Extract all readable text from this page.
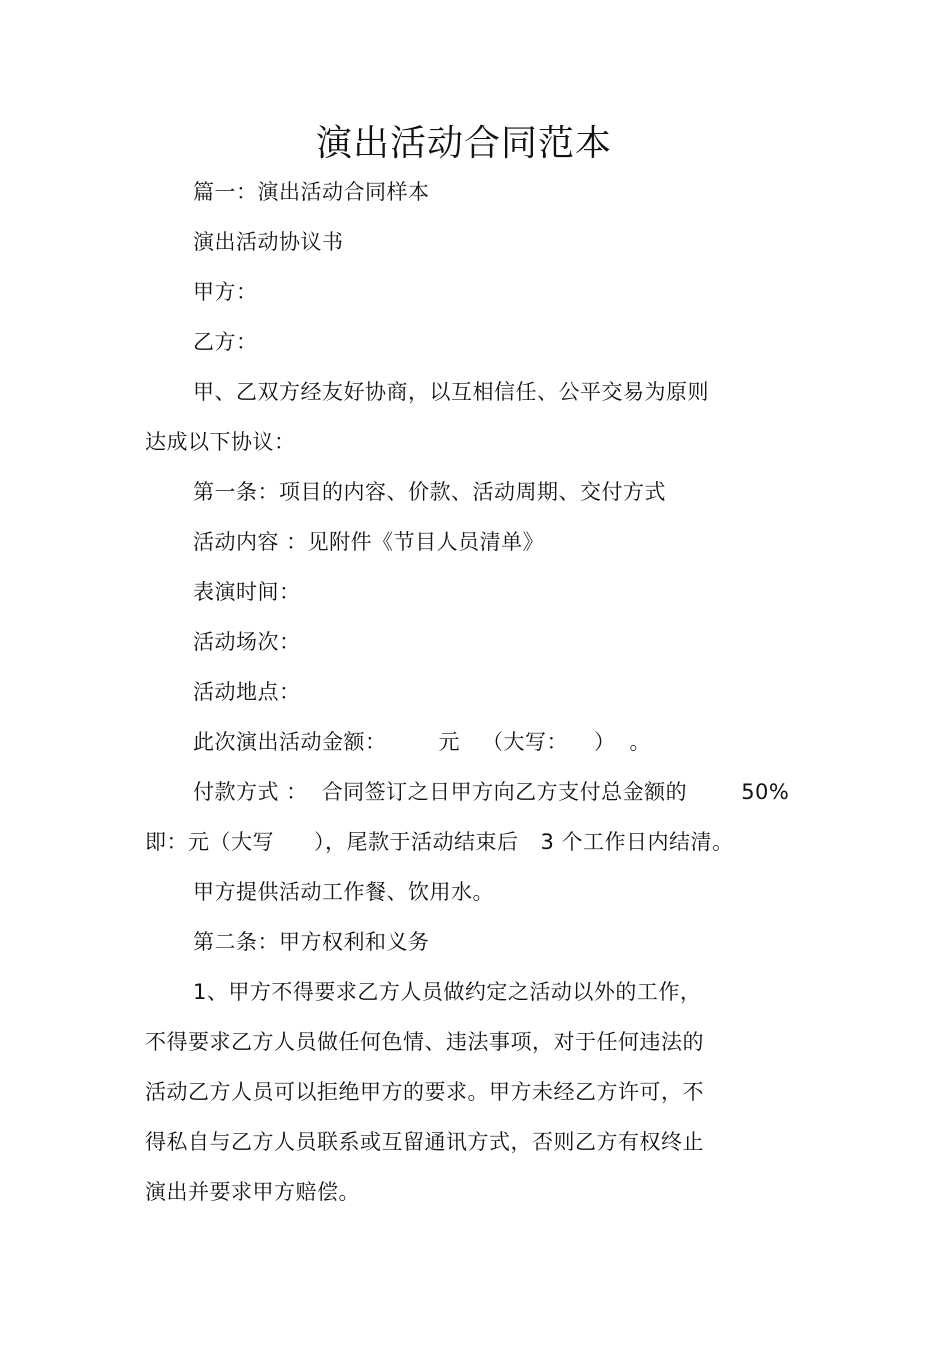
演出活动合同范本
篇一：演出活动合同样本
演出活动协议书
甲方：
乙方：
甲、乙双方经友好协商，以互相信任、公平交易为原则
达成以下协议：
第一条：项目的内容、价款、活动周期、交付方式
活动内容 ：见附件《节目人员清单》
表演时间：
活动场次：
活动地点：
此次演出活动金额： 元 （大写： ） 。
付款方式 ： 合同签订之日甲方向乙方支付总金额的	50%
即：元（大写 ），尾款于活动结束后 3 个工作日内结清。
甲方提供活动工作餐、饮用水。
第二条：甲方权利和义务
1、甲方不得要求乙方人员做约定之活动以外的工作，
不得要求乙方人员做任何色情、违法事项，对于任何违法的
活动乙方人员可以拒绝甲方的要求。甲方未经乙方许可，不
得私自与乙方人员联系或互留通讯方式，否则乙方有权终止
演出并要求甲方赔偿。
